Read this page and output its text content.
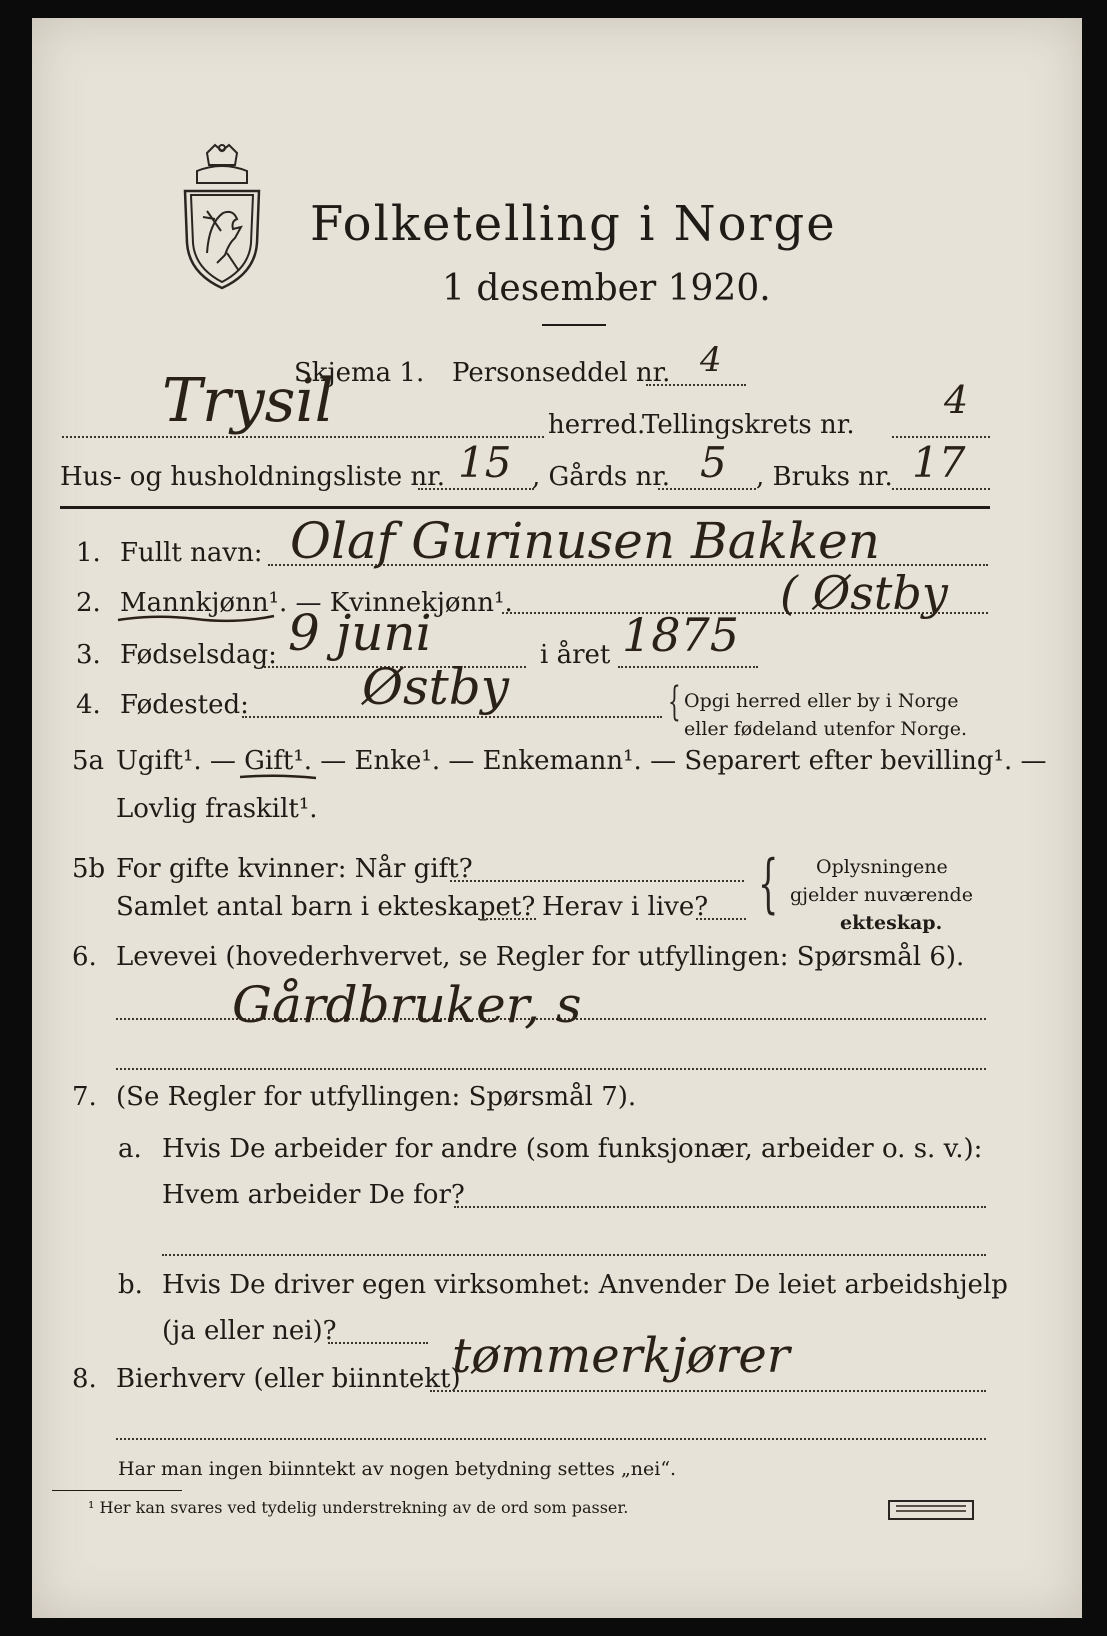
Folketelling i Norge
1 desember 1920.
Skjema 1. Personseddel nr. 4
Trysil	herred.
Tellingskrets nr.
4
Hus- og husholdningsliste nr. 15 , Gårds nr. 5 , Bruks nr. 17
1. Fullt navn: Olaf Gurinusen Bakken
2. Mannkjønn¹. — Kvinnekjønn¹.	( Østby
3. Fødselsdag: 9 juni	i året 1875
4. Fødested: Østby	{ Opgi herred eller by i Norge
eller fødeland utenfor Norge.
5a Ugift¹. — Gift¹. — Enke¹. — Enkemann¹. — Separert efter bevilling¹. —
Lovlig fraskilt¹.
5b For gifte kvinner: Når gift?
Samlet antal barn i ekteskapet? Herav i live? { Oplysningene
gjelder nuværende
ekteskap.
6. Levevei (hovederhvervet, se Regler for utfyllingen: Spørsmål 6).
Gårdbruker, s
7. (Se Regler for utfyllingen: Spørsmål 7).
a. Hvis De arbeider for andre (som funksjonær, arbeider o. s. v.):
Hvem arbeider De for?
b. Hvis De driver egen virksomhet: Anvender De leiet arbeidshjelp
(ja eller nei)?
8. Bierhverv (eller biinntekt)
tømmerkjører
Har man ingen biinntekt av nogen betydning settes „nei“.
¹ Her kan svares ved tydelig understrekning av de ord som passer.
